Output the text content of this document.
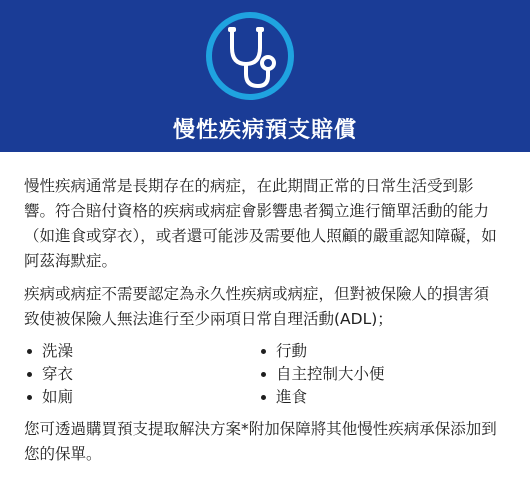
慢性疾病預支賠償

慢性疾病通常是長期存在的病症，在此期間正常的日常生活受到影響。符合賠付資格的疾病或病症會影響患者獨立進行簡單活動的能力（如進食或穿衣），或者還可能涉及需要他人照顧的嚴重認知障礙，如阿茲海默症。

疾病或病症不需要認定為永久性疾病或病症，但對被保險人的損害須致使被保險人無法進行至少兩項日常自理活動(ADL)；

洗澡	行動
穿衣	自主控制大小便
如廁	進食

您可透過購買預支提取解決方案*附加保障將其他慢性疾病承保添加到您的保單。
